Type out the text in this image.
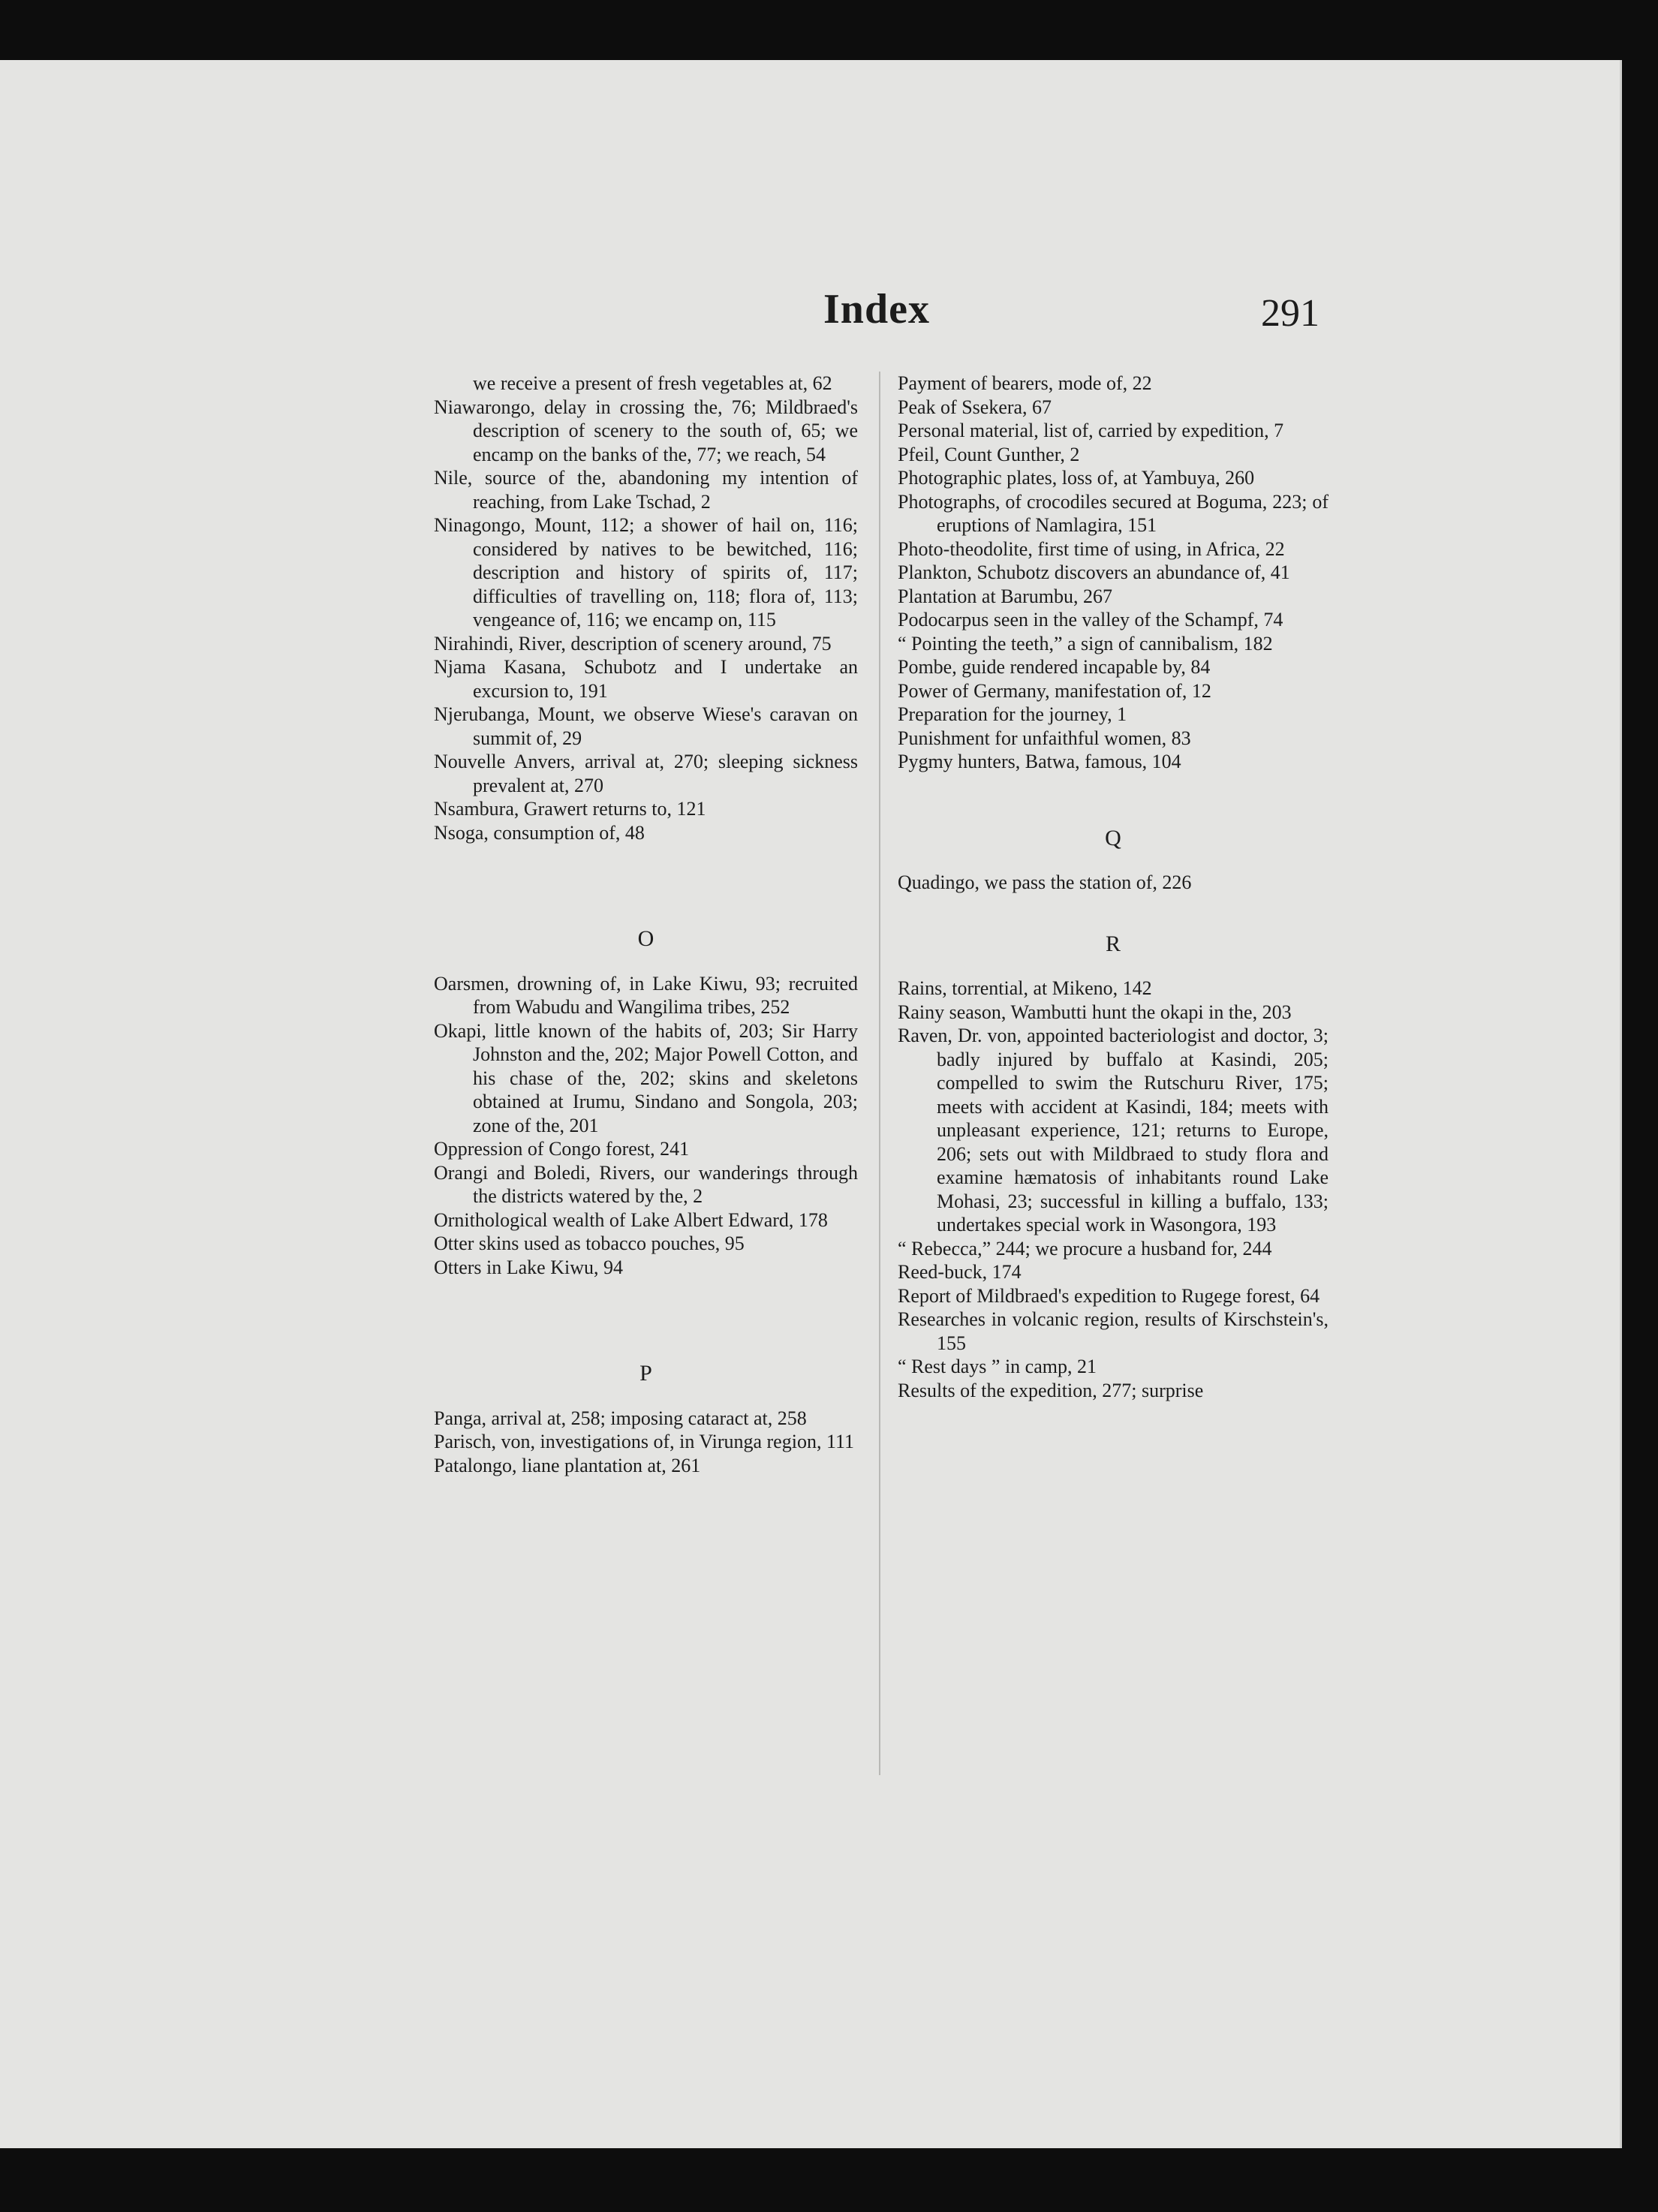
Index	291

we receive a present of fresh vegetables at, 62

Niawarongo, delay in crossing the, 76; Mildbraed's description of scenery to the south of, 65; we encamp on the banks of the, 77; we reach, 54

Nile, source of the, abandoning my intention of reaching, from Lake Tschad, 2

Ninagongo, Mount, 112; a shower of hail on, 116; considered by natives to be bewitched, 116; description and history of spirits of, 117; difficulties of travelling on, 118; flora of, 113; vengeance of, 116; we encamp on, 115

Nirahindi, River, description of scenery around, 75

Njama Kasana, Schubotz and I undertake an excursion to, 191

Njerubanga, Mount, we observe Wiese's caravan on summit of, 29

Nouvelle Anvers, arrival at, 270; sleeping sickness prevalent at, 270

Nsambura, Grawert returns to, 121

Nsoga, consumption of, 48

O

Oarsmen, drowning of, in Lake Kiwu, 93; recruited from Wabudu and Wangilima tribes, 252

Okapi, little known of the habits of, 203; Sir Harry Johnston and the, 202; Major Powell Cotton, and his chase of the, 202; skins and skeletons obtained at Irumu, Sindano and Songola, 203; zone of the, 201

Oppression of Congo forest, 241

Orangi and Boledi, Rivers, our wanderings through the districts watered by the, 2

Ornithological wealth of Lake Albert Edward, 178

Otter skins used as tobacco pouches, 95

Otters in Lake Kiwu, 94

P

Panga, arrival at, 258; imposing cataract at, 258

Parisch, von, investigations of, in Virunga region, 111

Patalongo, liane plantation at, 261

Payment of bearers, mode of, 22

Peak of Ssekera, 67

Personal material, list of, carried by expedition, 7

Pfeil, Count Gunther, 2

Photographic plates, loss of, at Yambuya, 260

Photographs, of crocodiles secured at Boguma, 223; of eruptions of Namlagira, 151

Photo-theodolite, first time of using, in Africa, 22

Plankton, Schubotz discovers an abundance of, 41

Plantation at Barumbu, 267

Podocarpus seen in the valley of the Schampf, 74

“ Pointing the teeth,” a sign of cannibalism, 182

Pombe, guide rendered incapable by, 84

Power of Germany, manifestation of, 12

Preparation for the journey, 1

Punishment for unfaithful women, 83

Pygmy hunters, Batwa, famous, 104

Q

Quadingo, we pass the station of, 226

R

Rains, torrential, at Mikeno, 142

Rainy season, Wambutti hunt the okapi in the, 203

Raven, Dr. von, appointed bacteriologist and doctor, 3; badly injured by buffalo at Kasindi, 205; compelled to swim the Rutschuru River, 175; meets with accident at Kasindi, 184; meets with unpleasant experience, 121; returns to Europe, 206; sets out with Mildbraed to study flora and examine hæmatosis of inhabitants round Lake Mohasi, 23; successful in killing a buffalo, 133; undertakes special work in Wasongora, 193

“ Rebecca,” 244; we procure a husband for, 244

Reed-buck, 174

Report of Mildbraed's expedition to Rugege forest, 64

Researches in volcanic region, results of Kirschstein's, 155

“ Rest days ” in camp, 21

Results of the expedition, 277; surprise
